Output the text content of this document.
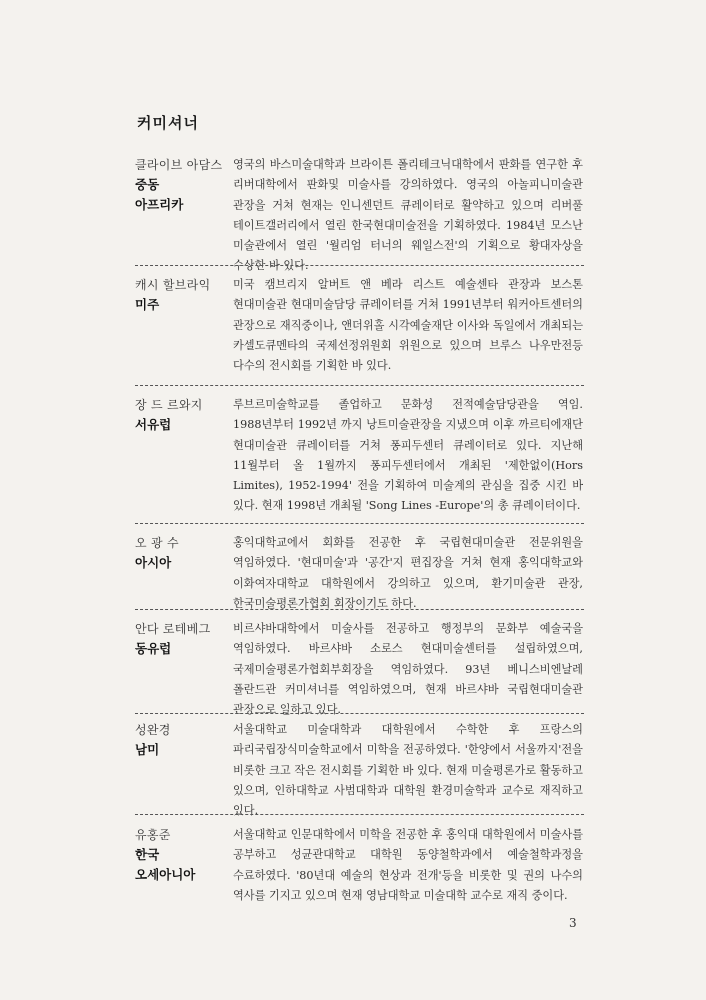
커미셔너
클라이브 아담스
중동
아프리카
영국의 바스미술대학과 브라이튼 폴리테크닉대학에서 판화를 연구한 후 리버대학에서 판화및 미술사를 강의하였다. 영국의 아놀피니미술관 관장을 거쳐 현재는 인니센던트 큐레이터로 활약하고 있으며 리버풀 테이트갤러리에서 열린 한국현대미술전을 기획하였다. 1984년 모스난 미술관에서 열린 '월리엄 터너의 웨일스전'의 기획으로 황대자상을 수상한 바 있다.
캐시 할브라익
미주
미국 캠브리지 알버트 앤 베라 리스트 예술센타 관장과 보스톤 현대미술관 현대미술담당 큐레이터를 거쳐 1991년부터 워커아트센터의 관장으로 재직중이나, 앤더위홀 시각예술재단 이사와 독일에서 개최되는 카셀도큐멘타의 국제선정위원회 위원으로 있으며 브루스 나우만전등 다수의 전시회를 기획한 바 있다.
장 드 르와지
서유럽
루브르미술학교를 졸업하고 문화성 전적예술담당관을 역임. 1988년부터 1992년 까지 낭트미술관장을 지냈으며 이후 까르티에재단 현대미술관 큐레이터를 거쳐 퐁피두센터 큐레이터로 있다. 지난해 11월부터 올 1월까지 퐁피두센터에서 개최된 '제한없이(Hors Limites), 1952-1994' 전을 기획하여 미술계의 관심을 집중 시킨 바 있다. 현재 1998년 개최될 'Song Lines -Europe'의 총 큐레이터이다.
오 광 수
아시아
홍익대학교에서 회화를 전공한 후 국립현대미술관 전문위원을 역임하였다. '현대미술'과 '공간'지 편집장을 거쳐 현재 홍익대학교와 이화여자대학교 대학원에서 강의하고 있으며, 환기미술관 관장, 한국미술평론가협회 회장이기도 하다.
안다 로테베그
동유럽
비르샤바대학에서 미술사를 전공하고 행정부의 문화부 예술국을 역임하였다. 바르샤바 소로스 현대미술센터를 설립하였으며, 국제미술평론가협회부회장을 역임하였다. 93년 베니스비엔날레 폴란드관 커미셔너를 역임하였으며, 현재 바르샤바 국립현대미술관 관장으로 일하고 있다.
성완경
남미
서울대학교 미술대학과 대학원에서 수학한 후 프랑스의 파리국립장식미술학교에서 미학을 전공하였다. '한양에서 서울까지'전을 비롯한 크고 작은 전시회를 기획한 바 있다. 현재 미술평론가로 활동하고 있으며, 인하대학교 사범대학과 대학원 환경미술학과 교수로 재직하고 있다.
유홍준
한국
오세아니아
서울대학교 인문대학에서 미학을 전공한 후 홍익대 대학원에서 미술사를 공부하고 성균관대학교 대학원 동양철학과에서 예술철학과정을 수료하였다. '80년대 예술의 현상과 전개'등을 비롯한 및 권의 나수의 역사를 기지고 있으며 현재 영남대학교 미술대학 교수로 재직 중이다.
3
